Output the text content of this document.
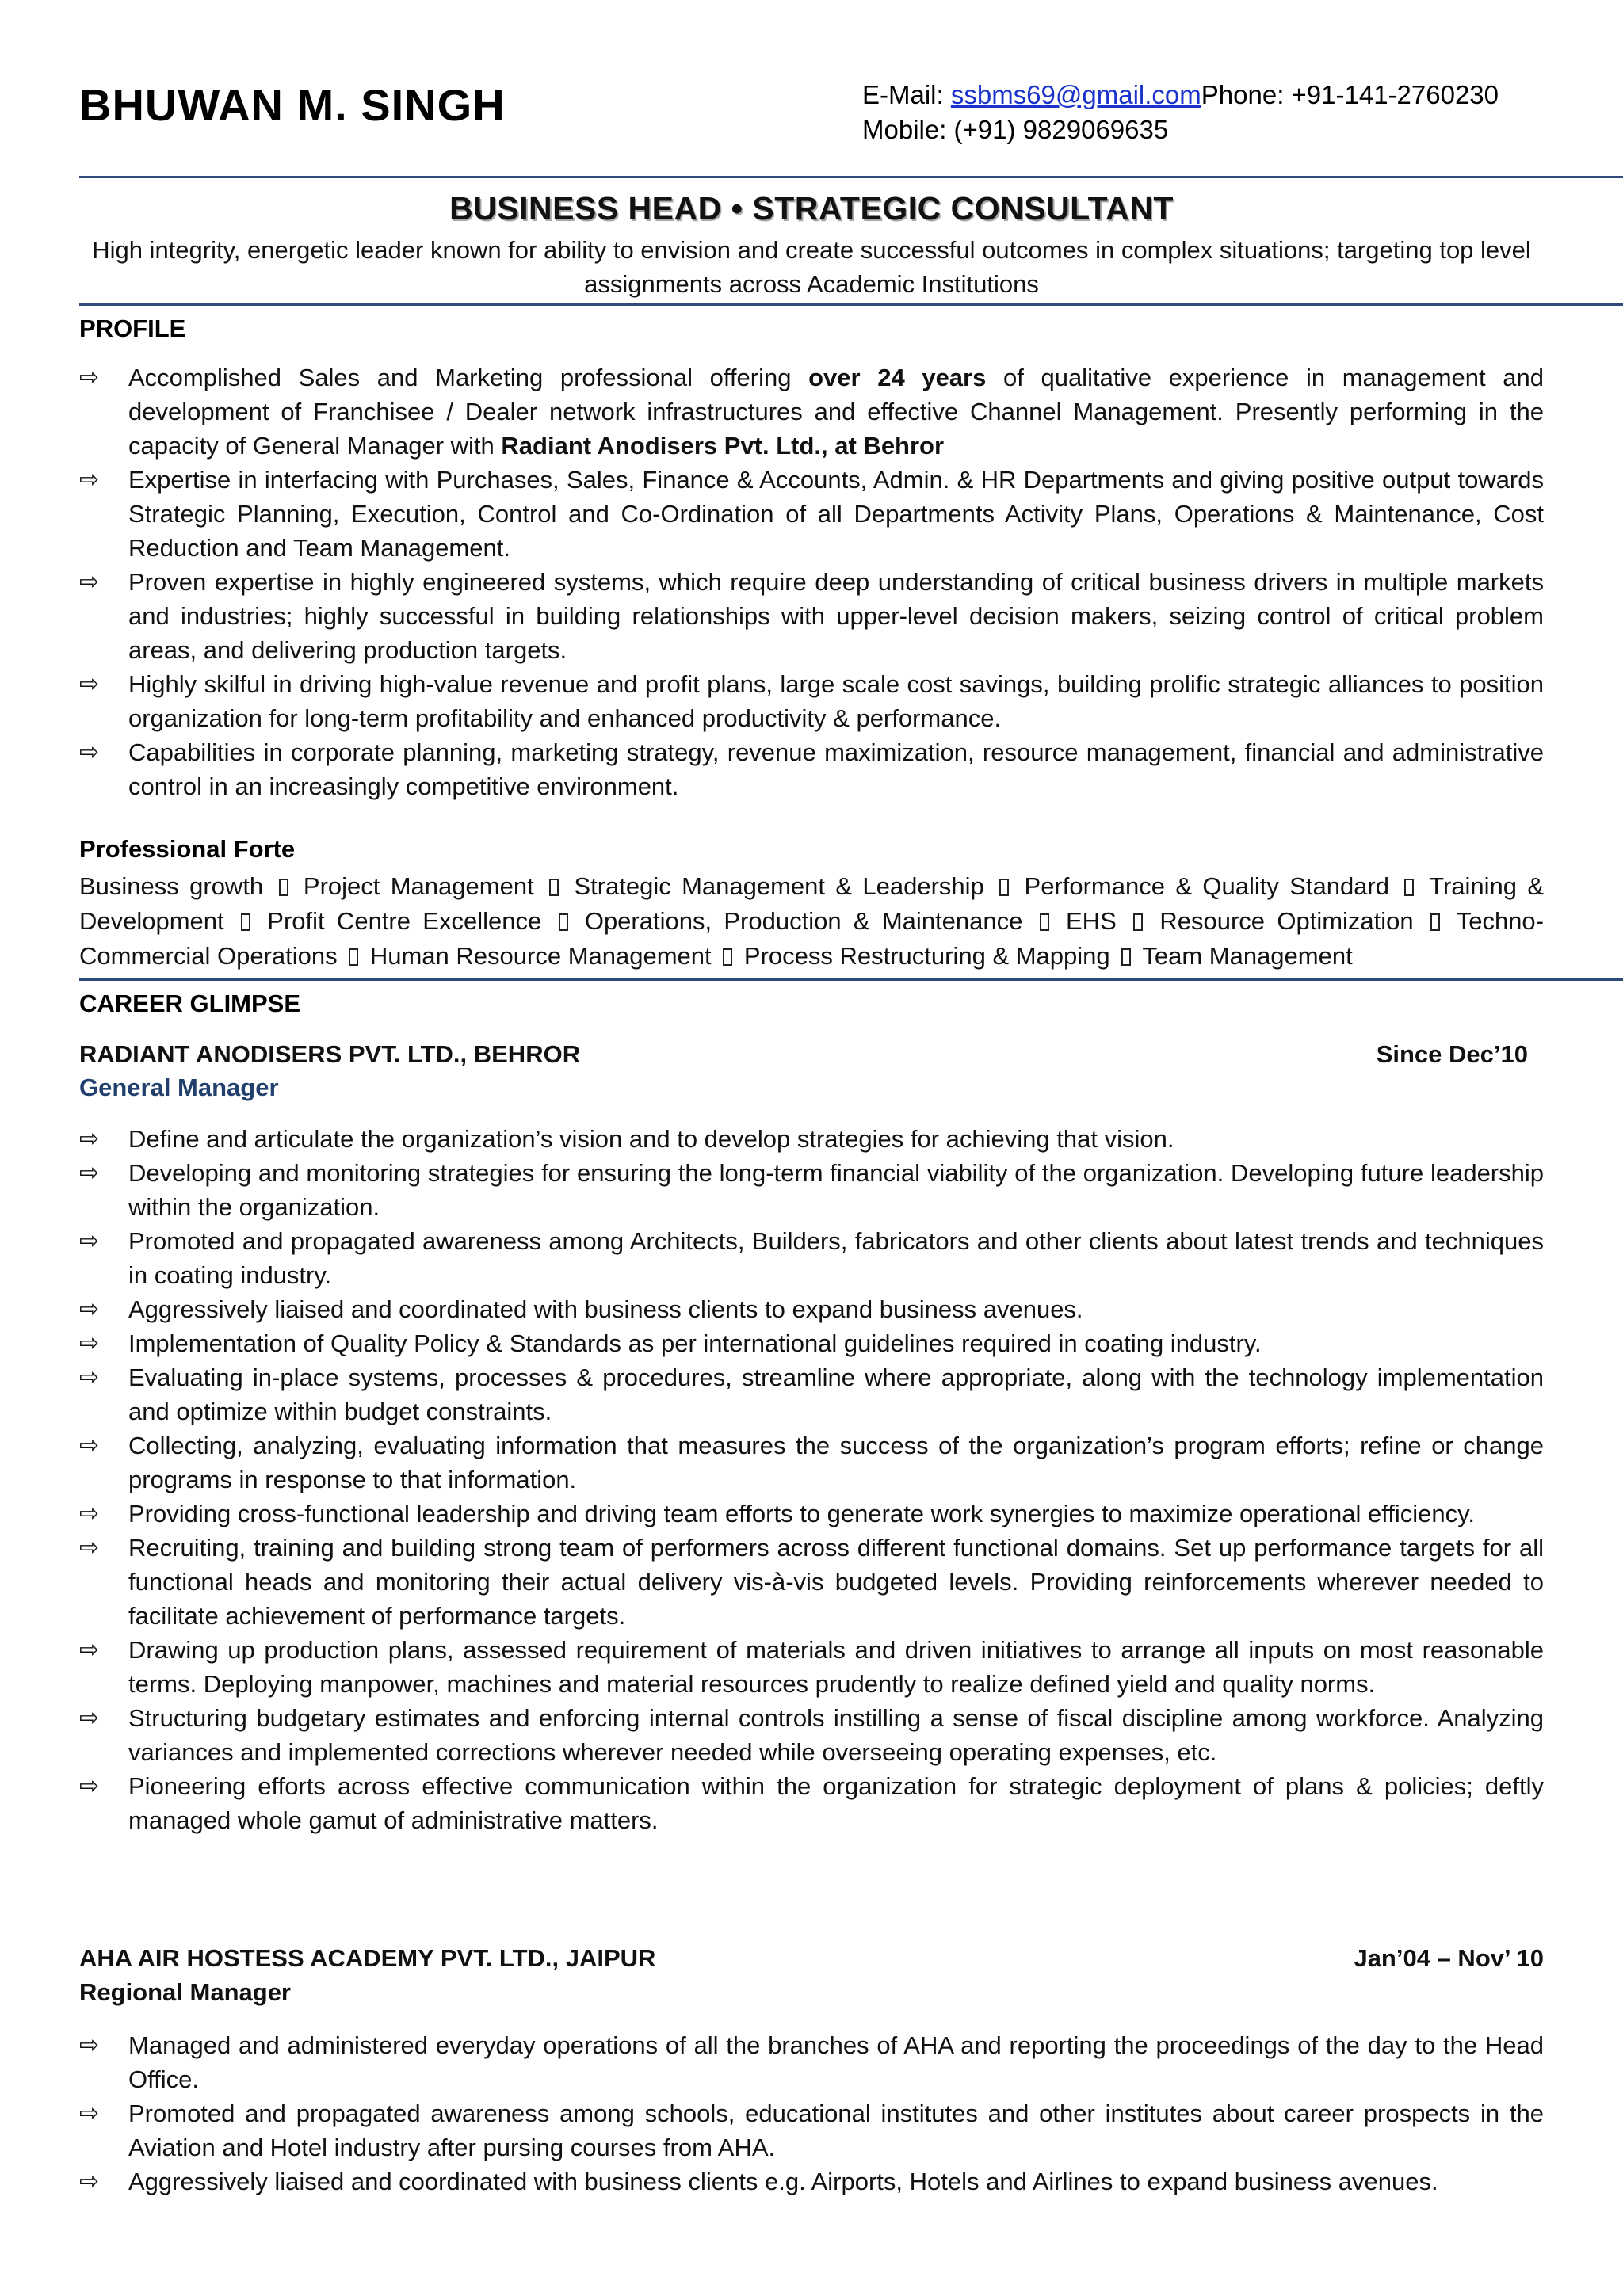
BHUWAN M. SINGH	E-Mail: ssbms69@gmail.comPhone: +91-141-2760230
Mobile: (+91) 9829069635
BUSINESS HEAD • STRATEGIC CONSULTANT
High integrity, energetic leader known for ability to envision and create successful outcomes in complex situations; targeting top level assignments across Academic Institutions
PROFILE
⇨	Accomplished Sales and Marketing professional offering over 24 years of qualitative experience in management and development of Franchisee / Dealer network infrastructures and effective Channel Management. Presently performing in the capacity of General Manager with Radiant Anodisers Pvt. Ltd., at Behror
⇨	Expertise in interfacing with Purchases, Sales, Finance & Accounts, Admin. & HR Departments and giving positive output towards Strategic Planning, Execution, Control and Co-Ordination of all Departments Activity Plans, Operations & Maintenance, Cost Reduction and Team Management.
⇨	Proven expertise in highly engineered systems, which require deep understanding of critical business drivers in multiple markets and industries; highly successful in building relationships with upper-level decision makers, seizing control of critical problem areas, and delivering production targets.
⇨	Highly skilful in driving high-value revenue and profit plans, large scale cost savings, building prolific strategic alliances to position organization for long-term profitability and enhanced productivity & performance.
⇨	Capabilities in corporate planning, marketing strategy, revenue maximization, resource management, financial and administrative control in an increasingly competitive environment.
Professional Forte
Business growth Project Management Strategic Management & Leadership Performance & Quality Standard Training & Development Profit Centre Excellence Operations, Production & Maintenance EHS Resource Optimization Techno-Commercial Operations Human Resource Management Process Restructuring & Mapping Team Management
CAREER GLIMPSE
RADIANT ANODISERS PVT. LTD., BEHROR	Since Dec’10
General Manager
⇨	Define and articulate the organization’s vision and to develop strategies for achieving that vision.
⇨	Developing and monitoring strategies for ensuring the long-term financial viability of the organization. Developing future leadership within the organization.
⇨	Promoted and propagated awareness among Architects, Builders, fabricators and other clients about latest trends and techniques in coating industry.
⇨	Aggressively liaised and coordinated with business clients to expand business avenues.
⇨	Implementation of Quality Policy & Standards as per international guidelines required in coating industry.
⇨	Evaluating in-place systems, processes & procedures, streamline where appropriate, along with the technology implementation and optimize within budget constraints.
⇨	Collecting, analyzing, evaluating information that measures the success of the organization’s program efforts; refine or change programs in response to that information.
⇨	Providing cross-functional leadership and driving team efforts to generate work synergies to maximize operational efficiency.
⇨	Recruiting, training and building strong team of performers across different functional domains. Set up performance targets for all functional heads and monitoring their actual delivery vis-à-vis budgeted levels. Providing reinforcements wherever needed to facilitate achievement of performance targets.
⇨	Drawing up production plans, assessed requirement of materials and driven initiatives to arrange all inputs on most reasonable terms. Deploying manpower, machines and material resources prudently to realize defined yield and quality norms.
⇨	Structuring budgetary estimates and enforcing internal controls instilling a sense of fiscal discipline among workforce. Analyzing variances and implemented corrections wherever needed while overseeing operating expenses, etc.
⇨	Pioneering efforts across effective communication within the organization for strategic deployment of plans & policies; deftly managed whole gamut of administrative matters.
AHA AIR HOSTESS ACADEMY PVT. LTD., JAIPUR	Jan’04 – Nov’ 10
Regional Manager
⇨	Managed and administered everyday operations of all the branches of AHA and reporting the proceedings of the day to the Head Office.
⇨	Promoted and propagated awareness among schools, educational institutes and other institutes about career prospects in the Aviation and Hotel industry after pursing courses from AHA.
⇨	Aggressively liaised and coordinated with business clients e.g. Airports, Hotels and Airlines to expand business avenues.
